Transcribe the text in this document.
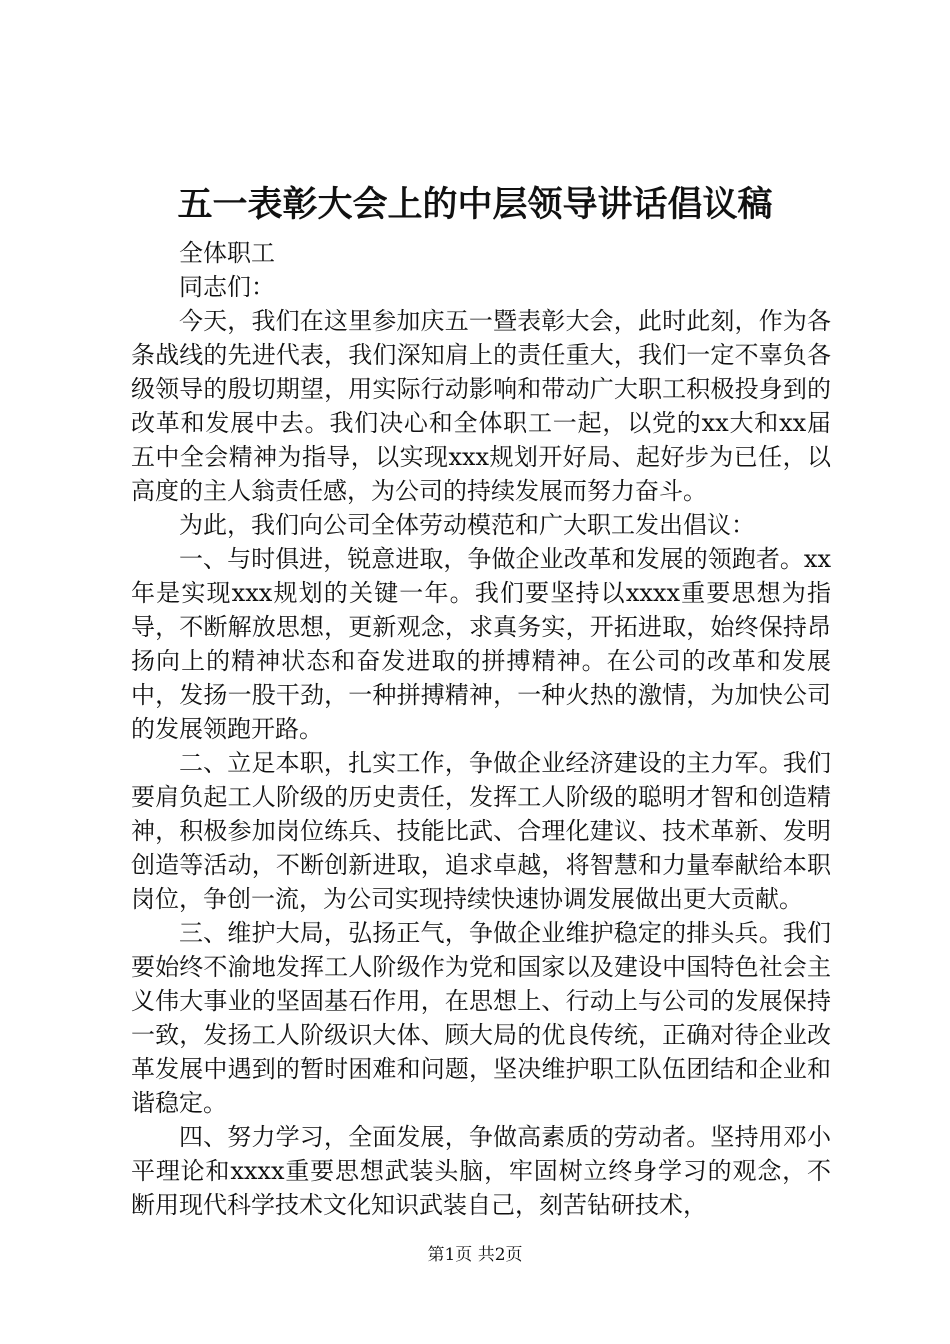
五一表彰大会上的中层领导讲话倡议稿

全体职工

同志们：

今天，我们在这里参加庆五一暨表彰大会，此时此刻，作为各条战线的先进代表，我们深知肩上的责任重大，我们一定不辜负各级领导的殷切期望，用实际行动影响和带动广大职工积极投身到的改革和发展中去。我们决心和全体职工一起，以党的xx大和xx届五中全会精神为指导，以实现xxx规划开好局、起好步为已任，以高度的主人翁责任感，为公司的持续发展而努力奋斗。

为此，我们向公司全体劳动模范和广大职工发出倡议：

一、与时俱进，锐意进取，争做企业改革和发展的领跑者。xx年是实现xxx规划的关键一年。我们要坚持以xxxx重要思想为指导，不断解放思想，更新观念，求真务实，开拓进取，始终保持昂扬向上的精神状态和奋发进取的拼搏精神。在公司的改革和发展中，发扬一股干劲，一种拼搏精神，一种火热的激情，为加快公司的发展领跑开路。

二、立足本职，扎实工作，争做企业经济建设的主力军。我们要肩负起工人阶级的历史责任，发挥工人阶级的聪明才智和创造精神，积极参加岗位练兵、技能比武、合理化建议、技术革新、发明创造等活动，不断创新进取，追求卓越，将智慧和力量奉献给本职岗位，争创一流，为公司实现持续快速协调发展做出更大贡献。

三、维护大局，弘扬正气，争做企业维护稳定的排头兵。我们要始终不渝地发挥工人阶级作为党和国家以及建设中国特色社会主义伟大事业的坚固基石作用，在思想上、行动上与公司的发展保持一致，发扬工人阶级识大体、顾大局的优良传统，正确对待企业改革发展中遇到的暂时困难和问题，坚决维护职工队伍团结和企业和谐稳定。

四、努力学习，全面发展，争做高素质的劳动者。坚持用邓小平理论和xxxx重要思想武装头脑，牢固树立终身学习的观念，不断用现代科学技术文化知识武装自己，刻苦钻研技术，

第1页 共2页
